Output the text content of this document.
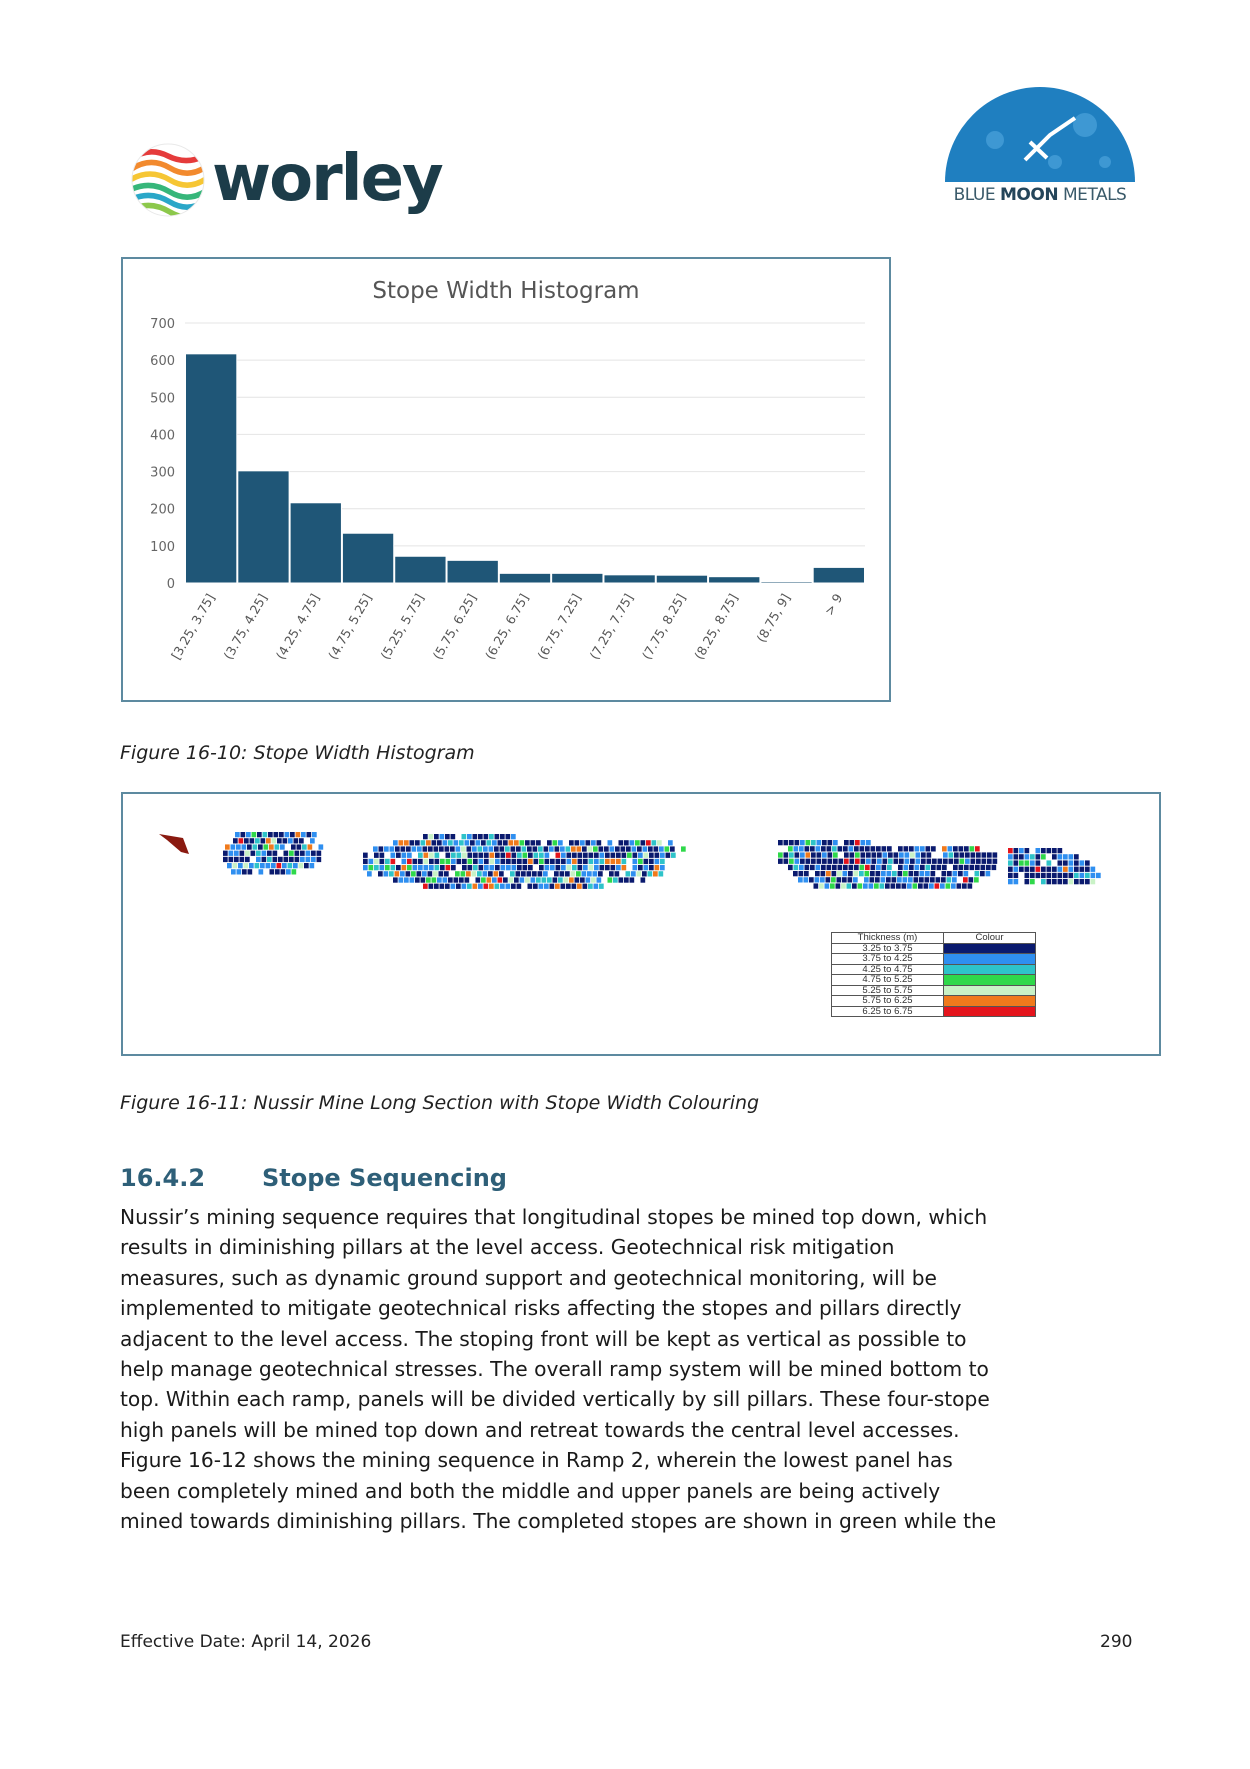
worley	BLUE MOON METALS
Stope Width Histogram
0
100
200
300
400
500
600
700
[3.25, 3.75] (3.75, 4.25] (4.25, 4.75] (4.75, 5.25] (5.25, 5.75] (5.75, 6.25] (6.25, 6.75] (6.75, 7.25] (7.25, 7.75] (7.75, 8.25] (8.25, 8.75] (8.75, 9] > 9
Figure 16-10: Stope Width Histogram
Thickness (m)	Colour
3.25 to 3.75	
3.75 to 4.25	
4.25 to 4.75	
4.75 to 5.25	
5.25 to 5.75	
5.75 to 6.25	
6.25 to 6.75	
Figure 16-11: Nussir Mine Long Section with Stope Width Colouring
16.4.2 Stope Sequencing
Nussir’s mining sequence requires that longitudinal stopes be mined top down, which
results in diminishing pillars at the level access. Geotechnical risk mitigation
measures, such as dynamic ground support and geotechnical monitoring, will be
implemented to mitigate geotechnical risks affecting the stopes and pillars directly
adjacent to the level access. The stoping front will be kept as vertical as possible to
help manage geotechnical stresses. The overall ramp system will be mined bottom to
top. Within each ramp, panels will be divided vertically by sill pillars. These four-stope
high panels will be mined top down and retreat towards the central level accesses.
Figure 16-12 shows the mining sequence in Ramp 2, wherein the lowest panel has
been completely mined and both the middle and upper panels are being actively
mined towards diminishing pillars. The completed stopes are shown in green while the
Effective Date: April 14, 2026	290
